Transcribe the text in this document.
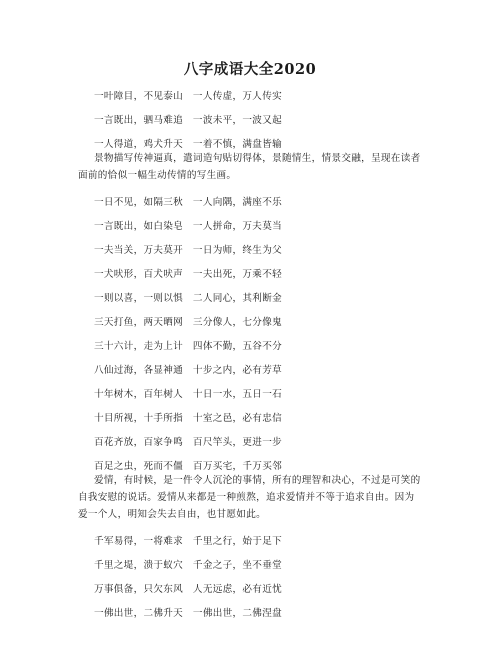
八字成语大全2020
一叶障目，不见泰山　一人传虚，万人传实
一言既出，驷马难追　一波未平，一波又起
一人得道，鸡犬升天　一着不慎，满盘皆输
景物描写传神逼真，遣词造句贴切得体，景随情生，情景交融，呈现在读者面前的恰似一幅生动传情的写生画。
一日不见，如隔三秋　一人向隅，满座不乐
一言既出，如白染皂　一人拼命，万夫莫当
一夫当关，万夫莫开　一日为师，终生为父
一犬吠形，百犬吠声　一夫出死，万乘不轻
一则以喜，一则以惧　二人同心，其利断金
三天打鱼，两天晒网　三分像人，七分像鬼
三十六计，走为上计　四体不勤，五谷不分
八仙过海，各显神通　十步之内，必有芳草
十年树木，百年树人　十日一水，五日一石
十目所视，十手所指　十室之邑，必有忠信
百花齐放，百家争鸣　百尺竿头，更进一步
百足之虫，死而不僵　百万买宅，千万买邻
爱情，有时候，是一件令人沉沦的事情，所有的理智和决心，不过是可笑的自我安慰的说话。爱情从来都是一种煎熬，追求爱情并不等于追求自由。因为爱一个人，明知会失去自由，也甘愿如此。
千军易得，一将难求　千里之行，始于足下
千里之堤，溃于蚁穴　千金之子，坐不垂堂
万事俱备，只欠东风　人无远虑，必有近忧
一佛出世，二佛升天　一佛出世，二佛涅盘
